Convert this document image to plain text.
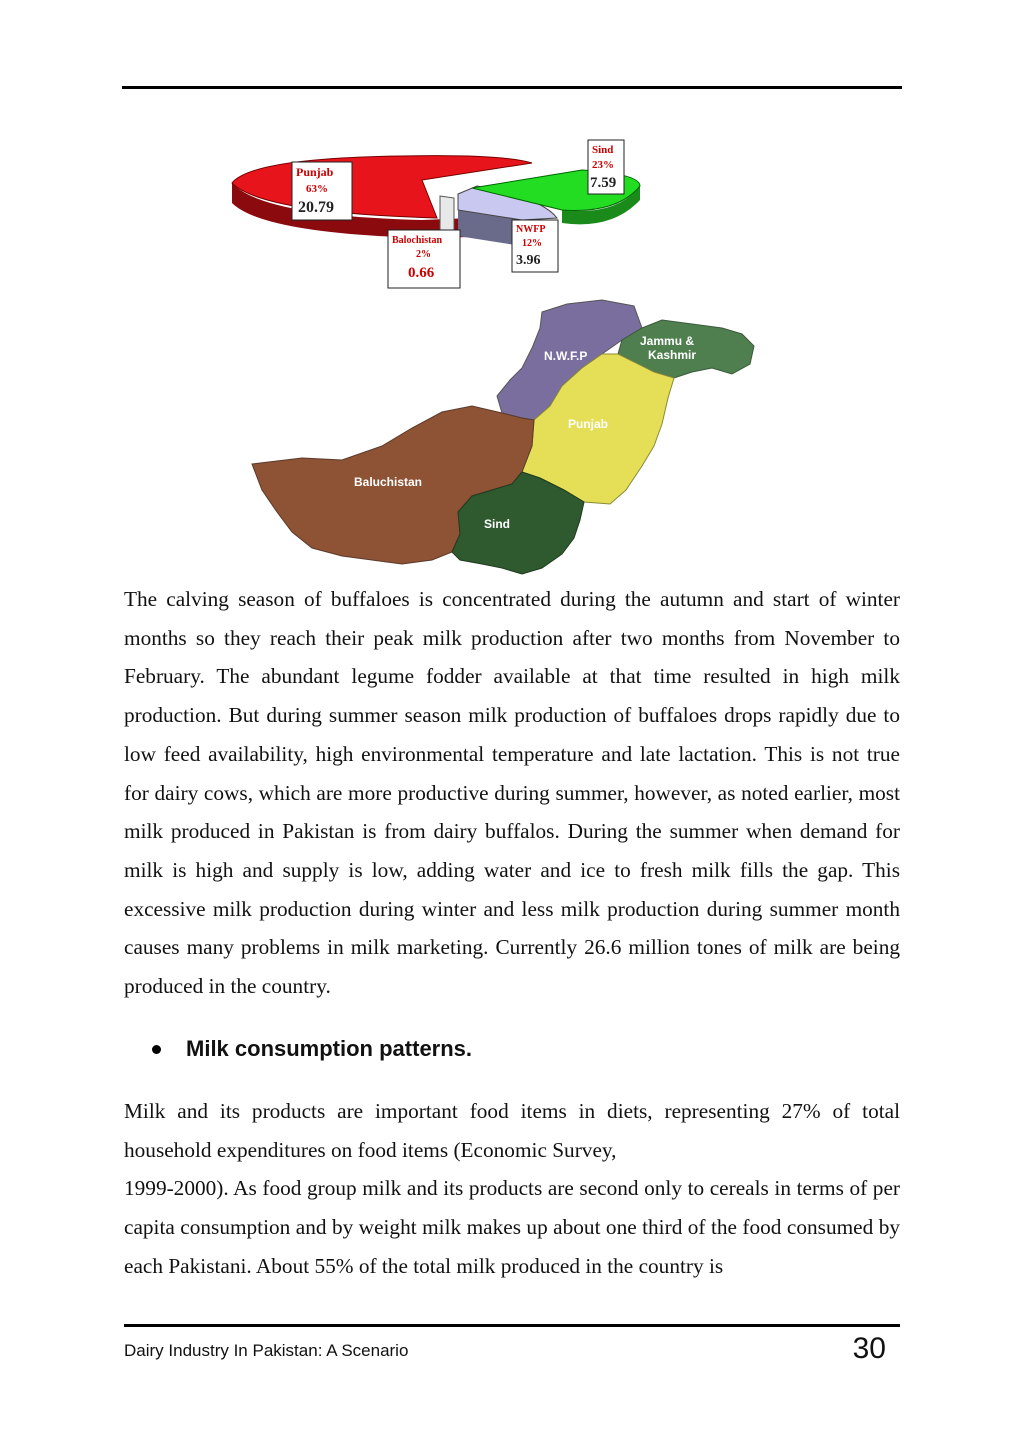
Punjab
63%
20.79
Sind
23%
7.59
NWFP
12%
3.96
Balochistan
2%
0.66
N.W.F.P
Jammu &
Kashmir
Punjab
Baluchistan
Sind

The calving season of buffaloes is concentrated during the autumn and start of winter months so they reach their peak milk production after two months from November to February. The abundant legume fodder available at that time resulted in high milk production. But during summer season milk production of buffaloes drops rapidly due to low feed availability, high environmental temperature and late lactation. This is not true for dairy cows, which are more productive during summer, however, as noted earlier, most milk produced in Pakistan is from dairy buffalos. During the summer when demand for milk is high and supply is low, adding water and ice to fresh milk fills the gap. This excessive milk production during winter and less milk production during summer month causes many problems in milk marketing. Currently 26.6 million tones of milk are being produced in the country.

Milk consumption patterns.
Milk and its products are important food items in diets, representing 27% of total household expenditures on food items (Economic Survey,
1999-2000). As food group milk and its products are second only to cereals in terms of per capita consumption and by weight milk makes up about one third of the food consumed by each Pakistani. About 55% of the total milk produced in the country is
Dairy Industry In Pakistan: A Scenario	30
